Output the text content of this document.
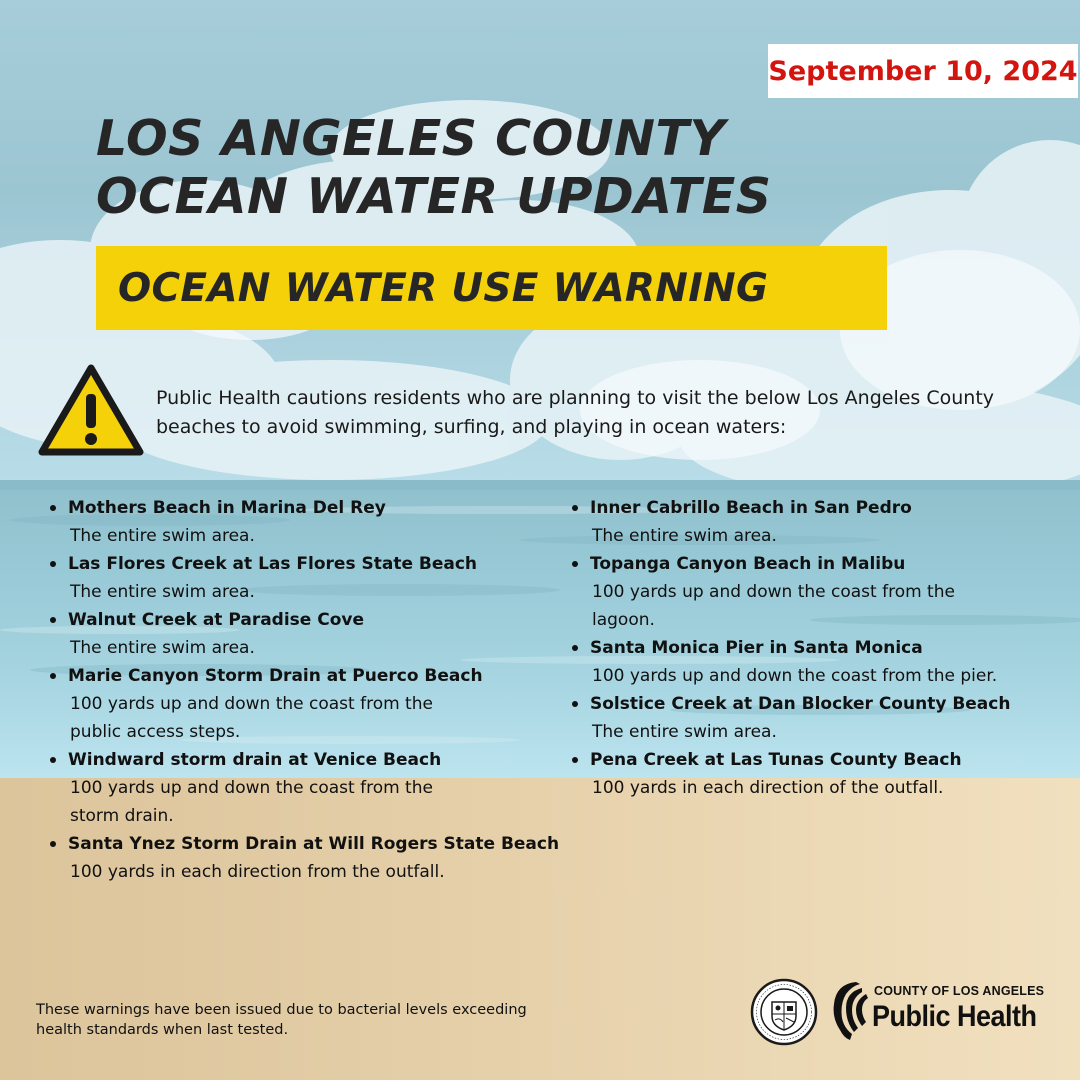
September 10, 2024
LOS ANGELES COUNTY
OCEAN WATER UPDATES
OCEAN WATER USE WARNING

Public Health cautions residents who are planning to visit the below Los Angeles County beaches to avoid swimming, surfing, and playing in ocean waters:

Mothers Beach in Marina Del Rey
The entire swim area.
Las Flores Creek at Las Flores State Beach
The entire swim area.
Walnut Creek at Paradise Cove
The entire swim area.
Marie Canyon Storm Drain at Puerco Beach
100 yards up and down the coast from the public access steps.
Windward storm drain at Venice Beach
100 yards up and down the coast from the storm drain.
Santa Ynez Storm Drain at Will Rogers State Beach
100 yards in each direction from the outfall.
Inner Cabrillo Beach in San Pedro
The entire swim area.
Topanga Canyon Beach in Malibu
100 yards up and down the coast from the lagoon.
Santa Monica Pier in Santa Monica
100 yards up and down the coast from the pier.
Solstice Creek at Dan Blocker County Beach
The entire swim area.
Pena Creek at Las Tunas County Beach
100 yards in each direction of the outfall.

These warnings have been issued due to bacterial levels exceeding health standards when last tested.

COUNTY OF LOS ANGELES
Public Health
